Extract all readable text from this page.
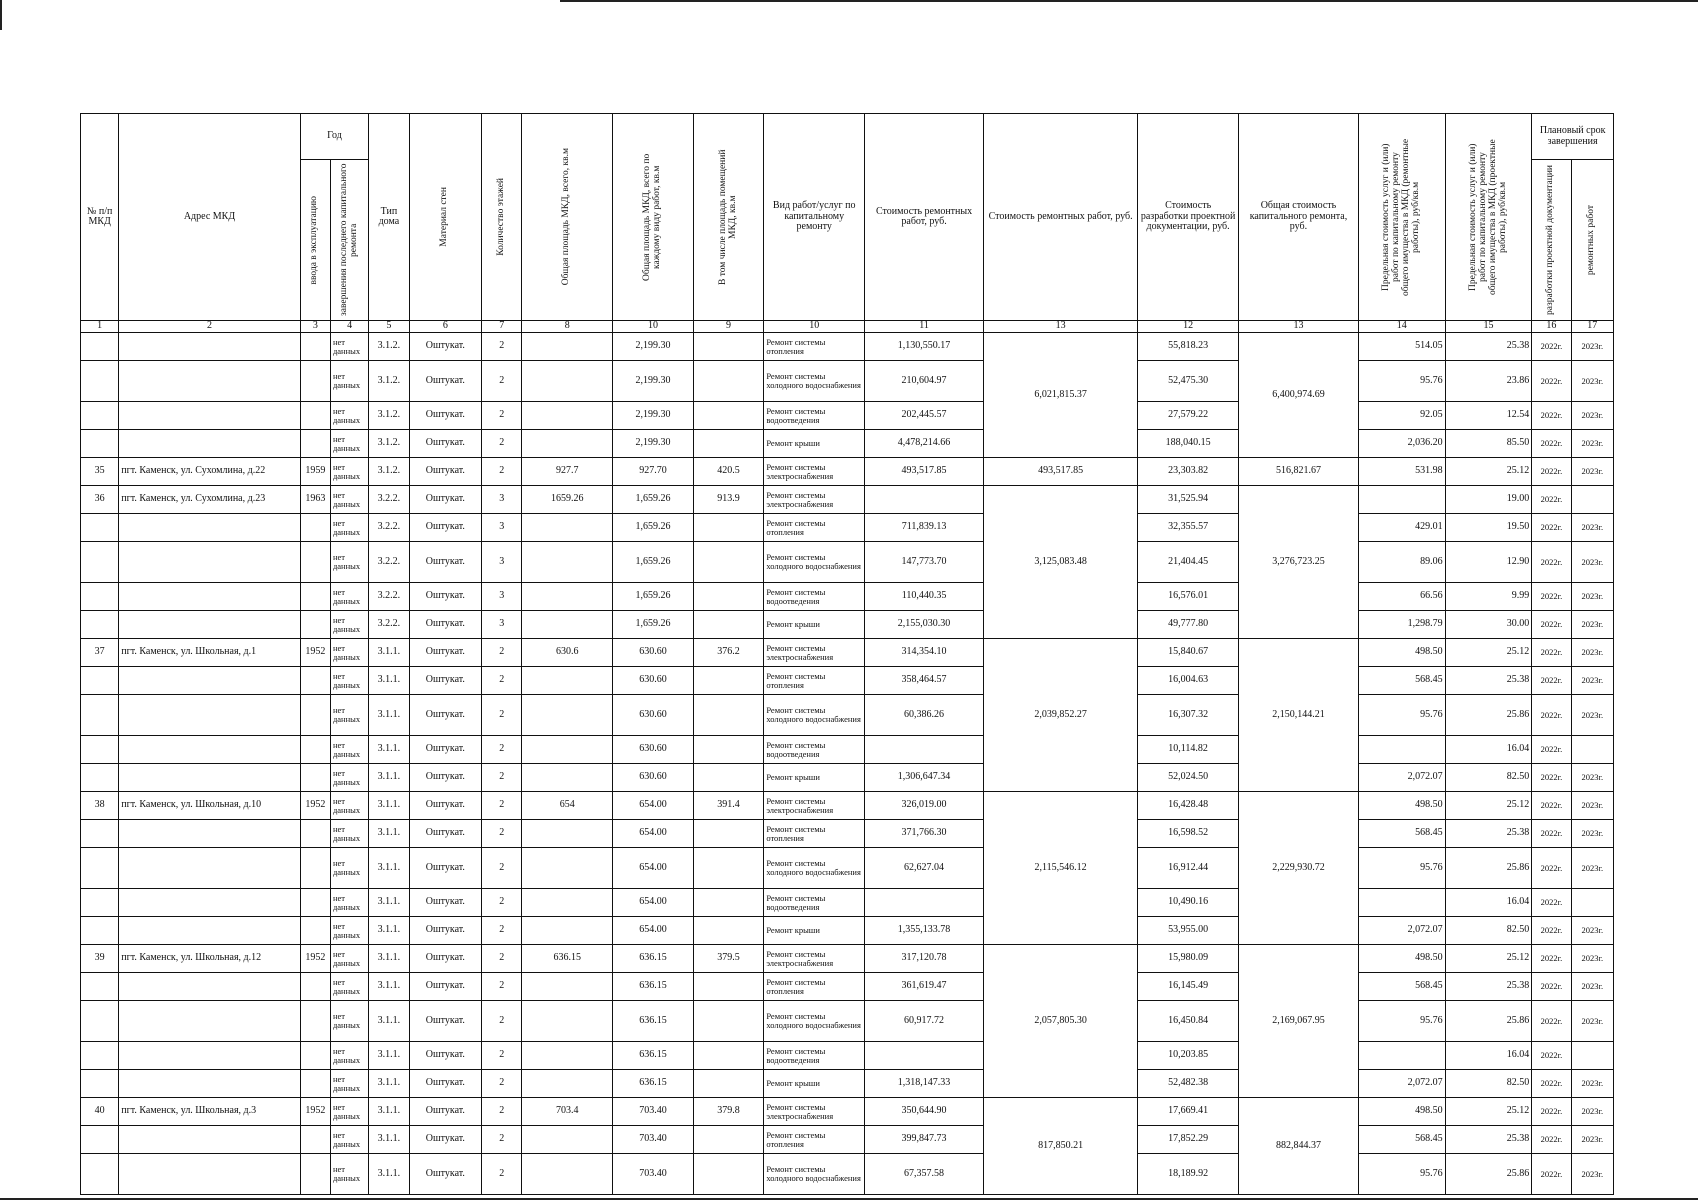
№ п/п МКД	Адрес МКД	Год		Тип дома	Материал стен	Количество этажей	Общая площадь МКД, всего, кв.м	Общая площадь МКД, всего по каждому виду работ, кв.м	В том числе площадь помещений МКД, кв.м	Вид работ/услуг по капитальному ремонту	Стоимость ремонтных работ, руб.	Стоимость ремонтных работ, руб.	Стоимость разработки проектной документации, руб.	Общая стоимость капитального ремонта, руб.	Предельная стоимость услуг и (или) работ по капитальному ремонту общего имущества в МКД (ремонтные работы), руб/кв.м	Предельная стоимость услуг и (или) работ по капитальному ремонту общего имущества в МКД (проектные работы), руб/кв.м	Плановый срок завершения	

		ввода в эксплуатацию	завершения последнего капитального ремонта														разработки проектной документации	ремонтных работ

1	2	3	4	5	6	7	8	10	9	10	11	13	12	13	14	15	16	17
			нет данных	3.1.2.	Оштукат.	2		2,199.30		Ремонт системы отопления	1,130,550.17	6,021,815.37	55,818.23	6,400,974.69	514.05	25.38	2022г.	2023г.
			нет данных	3.1.2.	Оштукат.	2		2,199.30		Ремонт системы холодного водоснабжения	210,604.97		52,475.30		95.76	23.86	2022г.	2023г.
			нет данных	3.1.2.	Оштукат.	2		2,199.30		Ремонт системы водоотведения	202,445.57		27,579.22		92.05	12.54	2022г.	2023г.
			нет данных	3.1.2.	Оштукат.	2		2,199.30		Ремонт крыши	4,478,214.66		188,040.15		2,036.20	85.50	2022г.	2023г.
35	пгт. Каменск, ул. Сухомлина, д.22	1959	нет данных	3.1.2.	Оштукат.	2	927.7	927.70	420.5	Ремонт системы электроснабжения	493,517.85	493,517.85	23,303.82	516,821.67	531.98	25.12	2022г.	2023г.
36	пгт. Каменск, ул. Сухомлина, д.23	1963	нет данных	3.2.2.	Оштукат.	3	1659.26	1,659.26	913.9	Ремонт системы электроснабжения		3,125,083.48	31,525.94	3,276,723.25		19.00	2022г.	
			нет данных	3.2.2.	Оштукат.	3		1,659.26		Ремонт системы отопления	711,839.13		32,355.57		429.01	19.50	2022г.	2023г.
			нет данных	3.2.2.	Оштукат.	3		1,659.26		Ремонт системы холодного водоснабжения	147,773.70		21,404.45		89.06	12.90	2022г.	2023г.
			нет данных	3.2.2.	Оштукат.	3		1,659.26		Ремонт системы водоотведения	110,440.35		16,576.01		66.56	9.99	2022г.	2023г.
			нет данных	3.2.2.	Оштукат.	3		1,659.26		Ремонт крыши	2,155,030.30		49,777.80		1,298.79	30.00	2022г.	2023г.
37	пгт. Каменск, ул. Школьная, д.1	1952	нет данных	3.1.1.	Оштукат.	2	630.6	630.60	376.2	Ремонт системы электроснабжения	314,354.10	2,039,852.27	15,840.67	2,150,144.21	498.50	25.12	2022г.	2023г.
			нет данных	3.1.1.	Оштукат.	2		630.60		Ремонт системы отопления	358,464.57		16,004.63		568.45	25.38	2022г.	2023г.
			нет данных	3.1.1.	Оштукат.	2		630.60		Ремонт системы холодного водоснабжения	60,386.26		16,307.32		95.76	25.86	2022г.	2023г.
			нет данных	3.1.1.	Оштукат.	2		630.60		Ремонт системы водоотведения			10,114.82			16.04	2022г.	
			нет данных	3.1.1.	Оштукат.	2		630.60		Ремонт крыши	1,306,647.34		52,024.50		2,072.07	82.50	2022г.	2023г.
38	пгт. Каменск, ул. Школьная, д.10	1952	нет данных	3.1.1.	Оштукат.	2	654	654.00	391.4	Ремонт системы электроснабжения	326,019.00	2,115,546.12	16,428.48	2,229,930.72	498.50	25.12	2022г.	2023г.
			нет данных	3.1.1.	Оштукат.	2		654.00		Ремонт системы отопления	371,766.30		16,598.52		568.45	25.38	2022г.	2023г.
			нет данных	3.1.1.	Оштукат.	2		654.00		Ремонт системы холодного водоснабжения	62,627.04		16,912.44		95.76	25.86	2022г.	2023г.
			нет данных	3.1.1.	Оштукат.	2		654.00		Ремонт системы водоотведения			10,490.16			16.04	2022г.	
			нет данных	3.1.1.	Оштукат.	2		654.00		Ремонт крыши	1,355,133.78		53,955.00		2,072.07	82.50	2022г.	2023г.
39	пгт. Каменск, ул. Школьная, д.12	1952	нет данных	3.1.1.	Оштукат.	2	636.15	636.15	379.5	Ремонт системы электроснабжения	317,120.78	2,057,805.30	15,980.09	2,169,067.95	498.50	25.12	2022г.	2023г.
			нет данных	3.1.1.	Оштукат.	2		636.15		Ремонт системы отопления	361,619.47		16,145.49		568.45	25.38	2022г.	2023г.
			нет данных	3.1.1.	Оштукат.	2		636.15		Ремонт системы холодного водоснабжения	60,917.72		16,450.84		95.76	25.86	2022г.	2023г.
			нет данных	3.1.1.	Оштукат.	2		636.15		Ремонт системы водоотведения			10,203.85			16.04	2022г.	
			нет данных	3.1.1.	Оштукат.	2		636.15		Ремонт крыши	1,318,147.33		52,482.38		2,072.07	82.50	2022г.	2023г.
40	пгт. Каменск, ул. Школьная, д.3	1952	нет данных	3.1.1.	Оштукат.	2	703.4	703.40	379.8	Ремонт системы электроснабжения	350,644.90	817,850.21	17,669.41	882,844.37	498.50	25.12	2022г.	2023г.
			нет данных	3.1.1.	Оштукат.	2		703.40		Ремонт системы отопления	399,847.73		17,852.29		568.45	25.38	2022г.	2023г.
			нет данных	3.1.1.	Оштукат.	2		703.40		Ремонт системы холодного водоснабжения	67,357.58		18,189.92		95.76	25.86	2022г.	2023г.
